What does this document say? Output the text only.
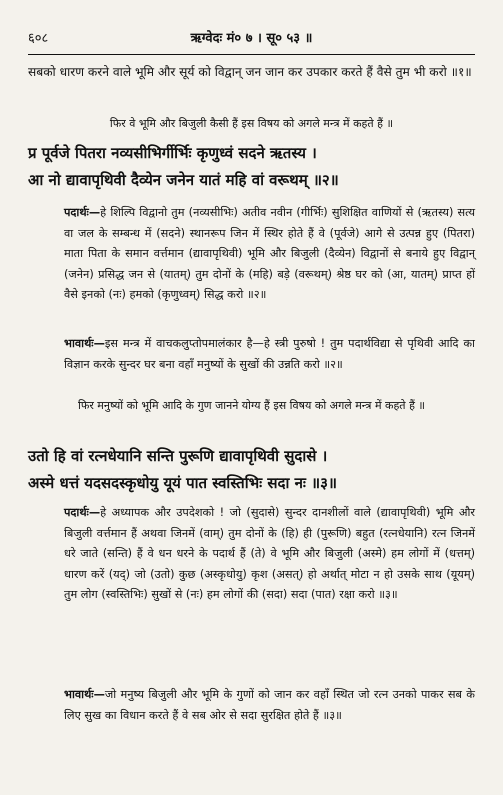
६०८	ऋग्वेदः मं० ७ । सू० ५३ ॥

सबको धारण करने वाले भूमि और सूर्य को विद्वान् जन जान कर उपकार करते हैं वैसे तुम भी करो ॥१॥

फिर वे भूमि और बिजुली कैसी हैं इस विषय को अगले मन्त्र में कहते हैं ॥

प्र पूर्वजे पितरा नव्यसीभिर्गीर्भिः कृणुध्वं सदने ऋतस्य ।

आ नो द्यावापृथिवी दैव्येन जनेन यातं महि वां वरूथम् ॥२॥

पदार्थः—हे शिल्पि विद्वानो तुम (नव्यसीभिः) अतीव नवीन (गीर्भिः) सुशिक्षित वाणियों से (ऋतस्य) सत्य वा जल के सम्बन्ध में (सदने) स्थानरूप जिन में स्थिर होते हैं वे (पूर्वजे) आगे से उत्पन्न हुए (पितरा) माता पिता के समान वर्त्तमान (द्यावापृथिवी) भूमि और बिजुली (दैव्येन) विद्वानों से बनाये हुए विद्वान् (जनेन) प्रसिद्ध जन से (यातम्) तुम दोनों के (महि) बड़े (वरूथम्) श्रेष्ठ घर को (आ, यातम्) प्राप्त हों वैसे इनको (नः) हमको (कृणुध्वम्) सिद्ध करो ॥२॥

भावार्थः—इस मन्त्र में वाचकलुप्तोपमालंकार है—हे स्त्री पुरुषो ! तुम पदार्थविद्या से पृथिवी आदि का विज्ञान करके सुन्दर घर बना वहाँ मनुष्यों के सुखों की उन्नति करो ॥२॥

फिर मनुष्यों को भूमि आदि के गुण जानने योग्य हैं इस विषय को अगले मन्त्र में कहते हैं ॥

उतो हि वां रत्नधेयानि सन्ति पुरूणि द्यावापृथिवी सुदासे ।

अस्मे धत्तं यदसदस्कृधोयु यूयं पात स्वस्तिभिः सदा नः ॥३॥

पदार्थः—हे अध्यापक और उपदेशको ! जो (सुदासे) सुन्दर दानशीलों वाले (द्यावापृथिवी) भूमि और बिजुली वर्त्तमान हैं अथवा जिनमें (वाम्) तुम दोनों के (हि) ही (पुरूणि) बहुत (रत्नधेयानि) रत्न जिनमें धरे जाते (सन्ति) हैं वे धन धरने के पदार्थ हैं (ते) वे भूमि और बिजुली (अस्मे) हम लोगों में (धत्तम्) धारण करें (यद्) जो (उतो) कुछ (अस्कृधोयु) कृश (असत्) हो अर्थात् मोटा न हो उसके साथ (यूयम्) तुम लोग (स्वस्तिभिः) सुखों से (नः) हम लोगों की (सदा) सदा (पात) रक्षा करो ॥३॥

भावार्थः—जो मनुष्य बिजुली और भूमि के गुणों को जान कर वहाँ स्थित जो रत्न उनको पाकर सब के लिए सुख का विधान करते हैं वे सब ओर से सदा सुरक्षित होते हैं ॥३॥
